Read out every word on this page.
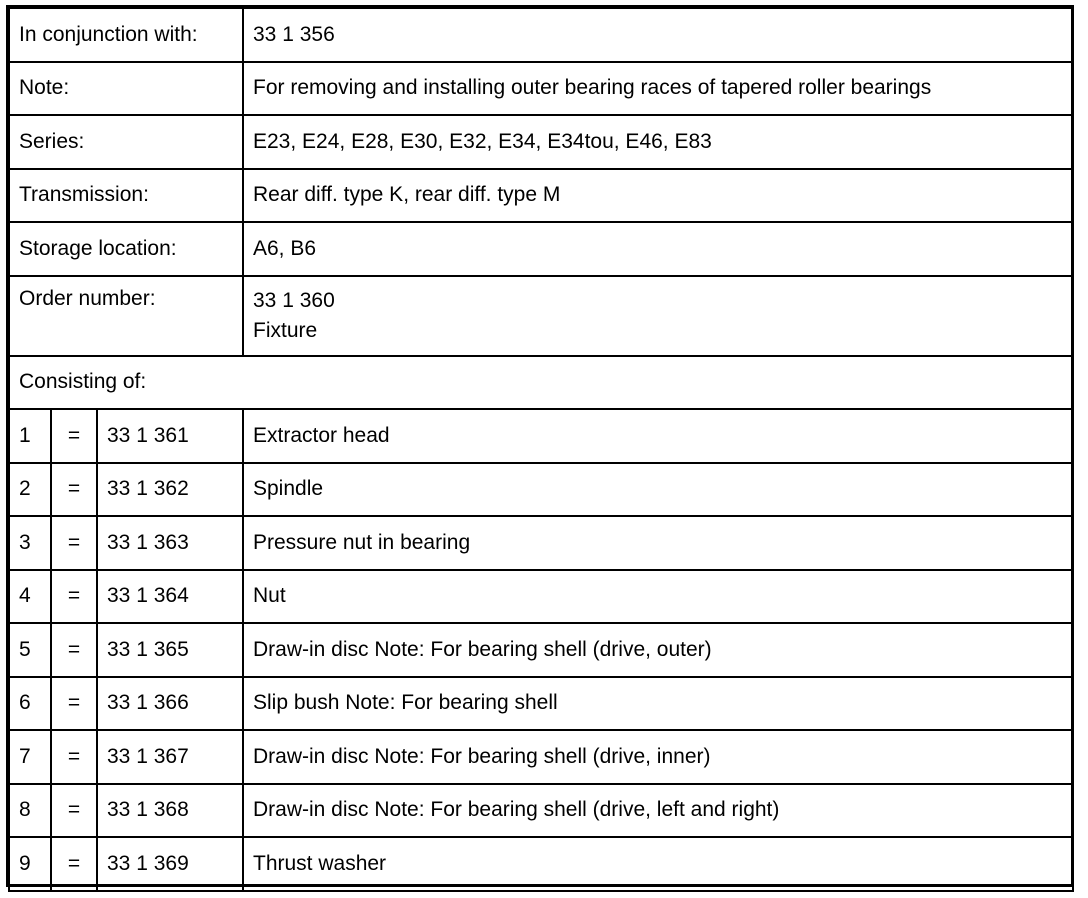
In conjunction with:			33 1 356
Note:			For removing and installing outer bearing races of tapered roller bearings
Series:			E23, E24, E28, E30, E32, E34, E34tou, E46, E83
Transmission:			Rear diff. type K, rear diff. type M
Storage location:			A6, B6
Order number:			33 1 360
Fixture

Consisting of:			
1	=	33 1 361	Extractor head
2	=	33 1 362	Spindle
3	=	33 1 363	Pressure nut in bearing
4	=	33 1 364	Nut
5	=	33 1 365	Draw-in disc Note: For bearing shell (drive, outer)
6	=	33 1 366	Slip bush Note: For bearing shell
7	=	33 1 367	Draw-in disc Note: For bearing shell (drive, inner)
8	=	33 1 368	Draw-in disc Note: For bearing shell (drive, left and right)
9	=	33 1 369	Thrust washer
